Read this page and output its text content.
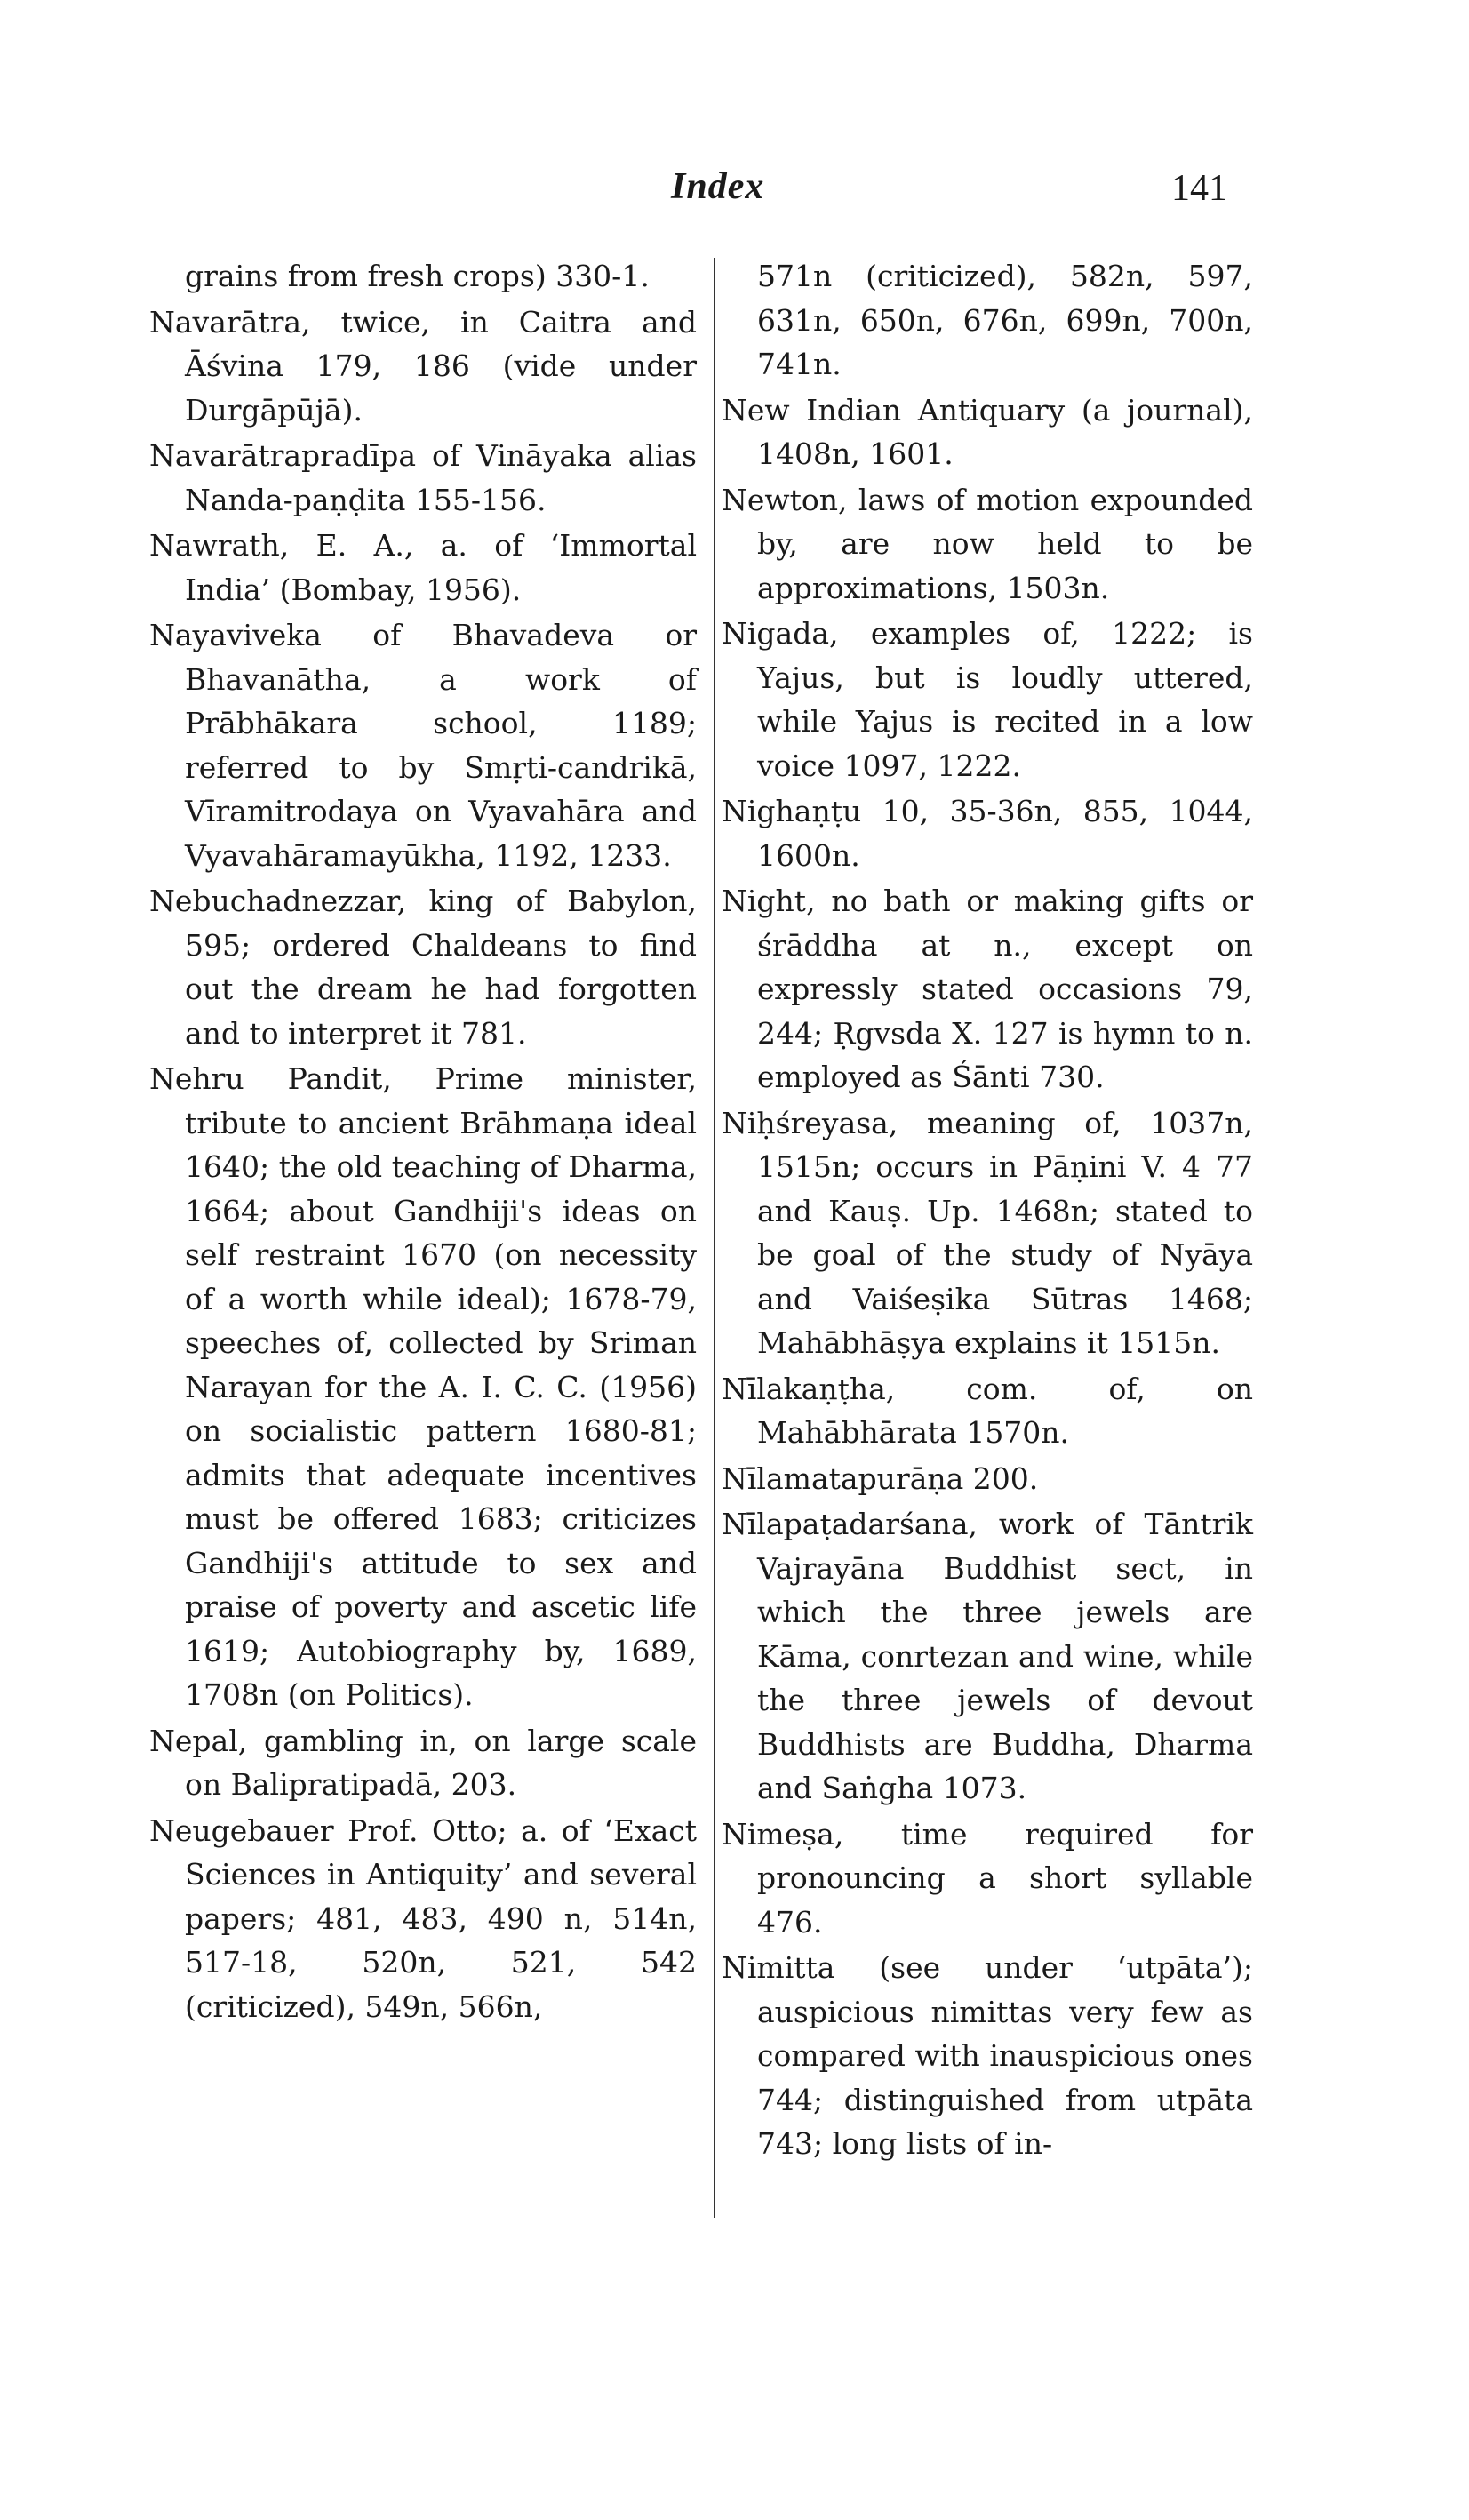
Index	141

grains from fresh crops) 330-1.

Navarātra, twice, in Caitra and Āśvina 179, 186 (vide under Durgāpūjā).

Navarātrapradīpa of Vināyaka alias Nanda-paṇḍita 155-156.

Nawrath, E. A., a. of ‘Immortal India’ (Bombay, 1956).

Nayaviveka of Bhavadeva or Bhavanātha, a work of Prābhākara school, 1189; referred to by Smṛti-candrikā, Vīramitrodaya on Vyavahāra and Vyavahāramayūkha, 1192, 1233.

Nebuchadnezzar, king of Babylon, 595; ordered Chaldeans to find out the dream he had forgotten and to interpret it 781.

Nehru Pandit, Prime minister, tribute to ancient Brāhmaṇa ideal 1640; the old teaching of Dharma, 1664; about Gandhiji's ideas on self restraint 1670 (on necessity of a worth while ideal); 1678-79, speeches of, collected by Sriman Narayan for the A. I. C. C. (1956) on socialistic pattern 1680-81; admits that adequate incentives must be offered 1683; criticizes Gandhiji's attitude to sex and praise of poverty and ascetic life 1619; Autobiography by, 1689, 1708n (on Politics).

Nepal, gambling in, on large scale on Balipratipadā, 203.

Neugebauer Prof. Otto; a. of ‘Exact Sciences in Antiquity’ and several papers; 481, 483, 490 n, 514n, 517-18, 520n, 521, 542 (criticized), 549n, 566n,

571n (criticized), 582n, 597, 631n, 650n, 676n, 699n, 700n, 741n.

New Indian Antiquary (a journal), 1408n, 1601.

Newton, laws of motion expounded by, are now held to be approximations, 1503n.

Nigada, examples of, 1222; is Yajus, but is loudly uttered, while Yajus is recited in a low voice 1097, 1222.

Nighaṇṭu 10, 35-36n, 855, 1044, 1600n.

Night, no bath or making gifts or śrāddha at n., except on expressly stated occasions 79, 244; Ṛgvsda X. 127 is hymn to n. employed as Śānti 730.

Niḥśreyasa, meaning of, 1037n, 1515n; occurs in Pāṇini V. 4 77 and Kauṣ. Up. 1468n; stated to be goal of the study of Nyāya and Vaiśeṣika Sūtras 1468; Mahābhāṣya explains it 1515n.

Nīlakaṇṭha, com. of, on Mahābhārata 1570n.

Nīlamatapurāṇa 200.

Nīlapaṭadarśana, work of Tāntrik Vajrayāna Buddhist sect, in which the three jewels are Kāma, conrtezan and wine, while the three jewels of devout Buddhists are Buddha, Dharma and Saṅgha 1073.

Nimeṣa, time required for pronouncing a short syllable 476.

Nimitta (see under ‘utpāta’); auspicious nimittas very few as compared with inauspicious ones 744; distinguished from utpāta 743; long lists of in-
